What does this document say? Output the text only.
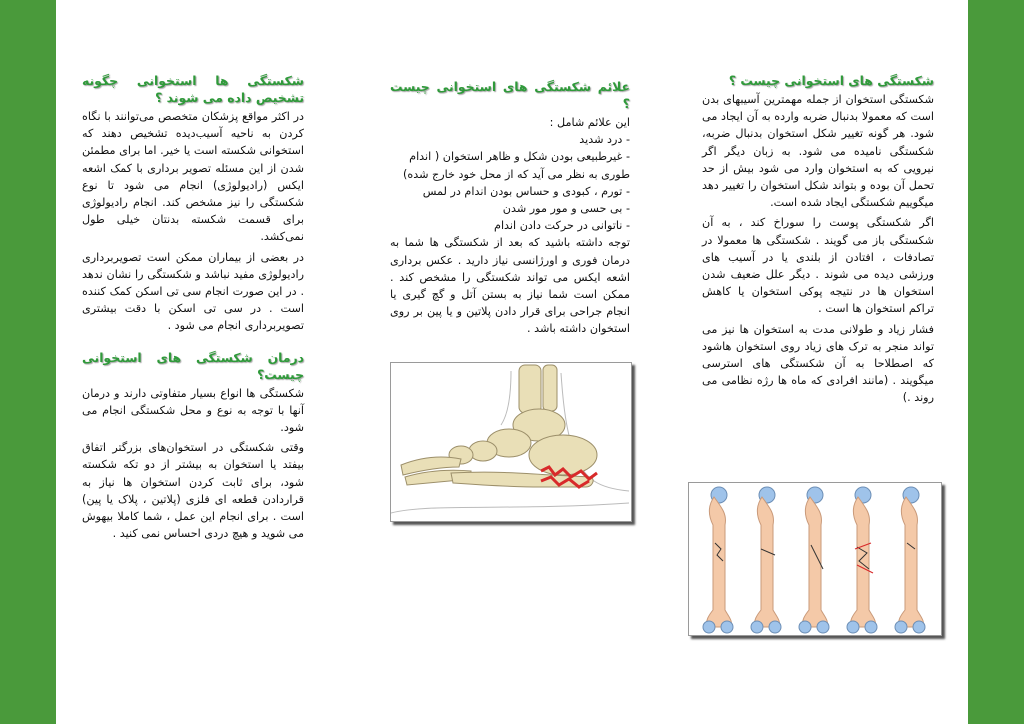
شکستگی ها استخوانی چگونه تشخیص داده می شوند ؟

در اکثر مواقع پزشکان متخصص می‌توانند با نگاه کردن به ناحیه آسیب‌دیده تشخیص دهند که استخوانی شکسته است یا خیر. اما برای مطمئن شدن از این مسئله تصویر برداری با کمک اشعه ایکس (رادیولوژی) انجام می شود تا نوع شکستگی را نیز مشخص کند. انجام رادیولوژی برای قسمت شکسته بدنتان خیلی طول نمی‌کشد.

در بعضی از بیماران ممکن است تصویربرداری رادیولوژی مفید نباشد و شکستگی را نشان ندهد . در این صورت انجام سی تی اسکن کمک کننده است . در سی تی اسکن با دقت بیشتری تصویربرداری انجام می شود .

درمان شکستگی های استخوانی چیست؟

شکستگی ها انواع بسیار متفاوتی دارند و درمان آنها با توجه به نوع و محل شکستگی انجام می شود.

وقتی شکستگی در استخوان‌های بزرگتر اتفاق بیفتد یا استخوان به بیشتر از دو تکه شکسته شود، برای ثابت کردن استخوان ها نیاز به قراردادن قطعه ای فلزی (پلاتین ، پلاک یا پین) است . برای انجام این عمل ، شما کاملا بیهوش می شوید و هیچ دردی احساس نمی کنید .

علائم شکستگی های استخوانی چیست ؟

این علائم شامل :

- درد شدید

- غیرطبیعی بودن شکل و ظاهر استخوان ( اندام طوری به نظر می آید که از محل خود خارج شده)

- تورم ، کبودی و حساس بودن اندام در لمس

- بی حسی و مور مور شدن

- ناتوانی در حرکت دادن اندام

توجه داشته باشید که بعد از شکستگی ها شما به درمان فوری و اورژانسی نیاز دارید . عکس برداری اشعه ایکس می تواند شکستگی را مشخص کند . ممکن است شما نیاز به بستن آتل و گچ گیری یا انجام جراحی برای قرار دادن پلاتین و یا پین بر روی استخوان داشته باشد .

شکستگی های استخوانی چیست ؟

شکستگی استخوان از جمله مهمترین آسیبهای بدن است که معمولا بدنبال ضربه وارده به آن ایجاد می شود. هر گونه تغییر شکل استخوان بدنبال ضربه، شکستگی نامیده می شود. به زبان دیگر اگر نیرویی که به استخوان وارد می شود بیش از حد تحمل آن بوده و بتواند شکل استخوان را تغییر دهد میگوییم شکستگی ایجاد شده است.

اگر شکستگی پوست را سوراخ کند ، به آن شکستگی باز می گویند . شکستگی ها معمولا در تصادفات ، افتادن از بلندی یا در آسیب های ورزشی دیده می شوند . دیگر علل ضعیف شدن استخوان ها در نتیجه پوکی استخوان یا کاهش تراکم استخوان ها است .

فشار زیاد و طولانی مدت به استخوان ها نیز می تواند منجر به ترک های زیاد روی استخوان هاشود که اصطلاحا به آن شکستگی های استرسی میگویند . (مانند افرادی که ماه ها رژه نظامی می روند .)
